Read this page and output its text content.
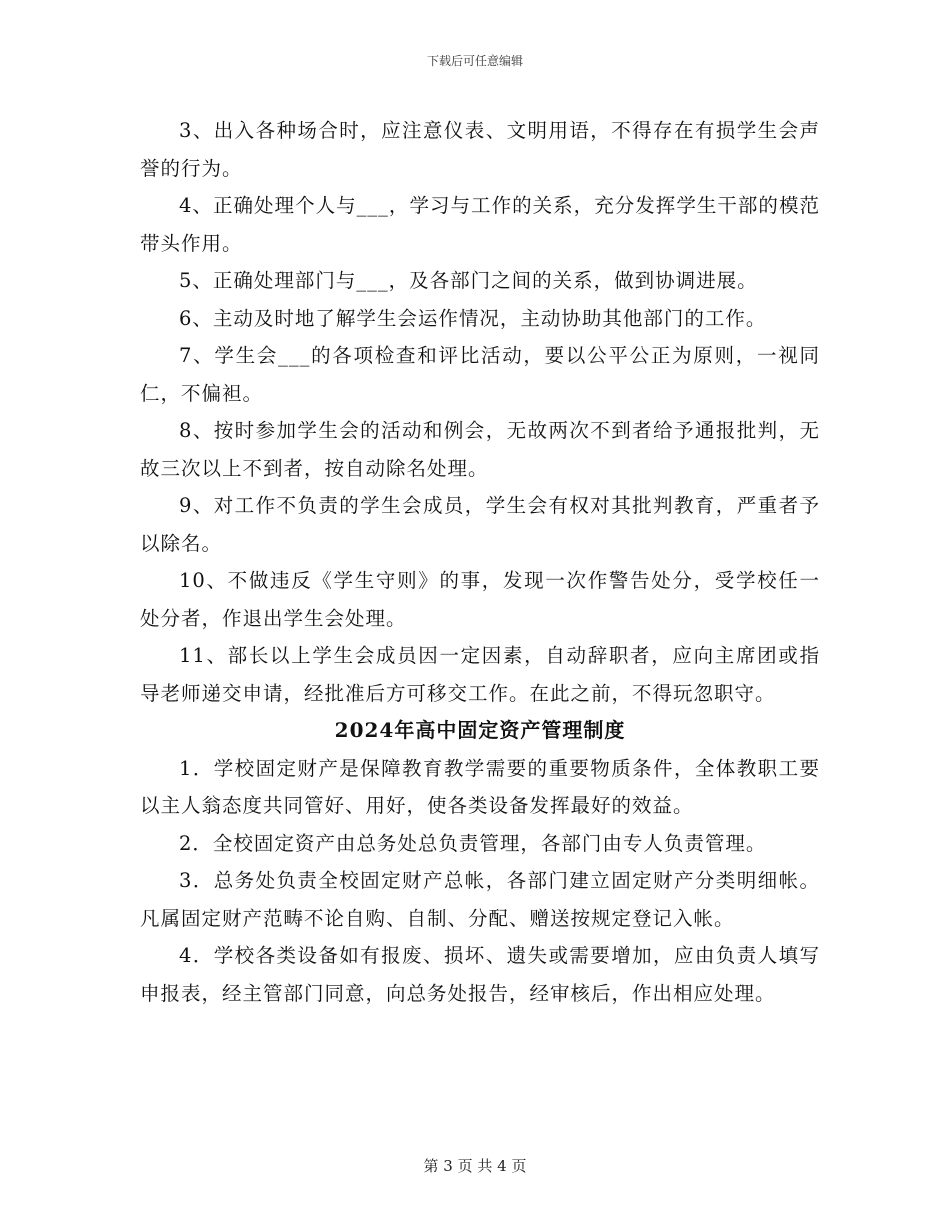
下载后可任意编辑

3、出入各种场合时，应注意仪表、文明用语，不得存在有损学生会声誉的行为。

4、正确处理个人与___，学习与工作的关系，充分发挥学生干部的模范带头作用。

5、正确处理部门与___，及各部门之间的关系，做到协调进展。

6、主动及时地了解学生会运作情况，主动协助其他部门的工作。

7、学生会___的各项检查和评比活动，要以公平公正为原则，一视同仁，不偏袒。

8、按时参加学生会的活动和例会，无故两次不到者给予通报批判，无故三次以上不到者，按自动除名处理。

9、对工作不负责的学生会成员，学生会有权对其批判教育，严重者予以除名。

10、不做违反《学生守则》的事，发现一次作警告处分，受学校任一处分者，作退出学生会处理。

11、部长以上学生会成员因一定因素，自动辞职者，应向主席团或指导老师递交申请，经批准后方可移交工作。在此之前，不得玩忽职守。

2024年高中固定资产管理制度

1．学校固定财产是保障教育教学需要的重要物质条件，全体教职工要以主人翁态度共同管好、用好，使各类设备发挥最好的效益。

2．全校固定资产由总务处总负责管理，各部门由专人负责管理。

3．总务处负责全校固定财产总帐，各部门建立固定财产分类明细帐。凡属固定财产范畴不论自购、自制、分配、赠送按规定登记入帐。

4．学校各类设备如有报废、损坏、遗失或需要增加，应由负责人填写申报表，经主管部门同意，向总务处报告，经审核后，作出相应处理。

第 3 页 共 4 页
